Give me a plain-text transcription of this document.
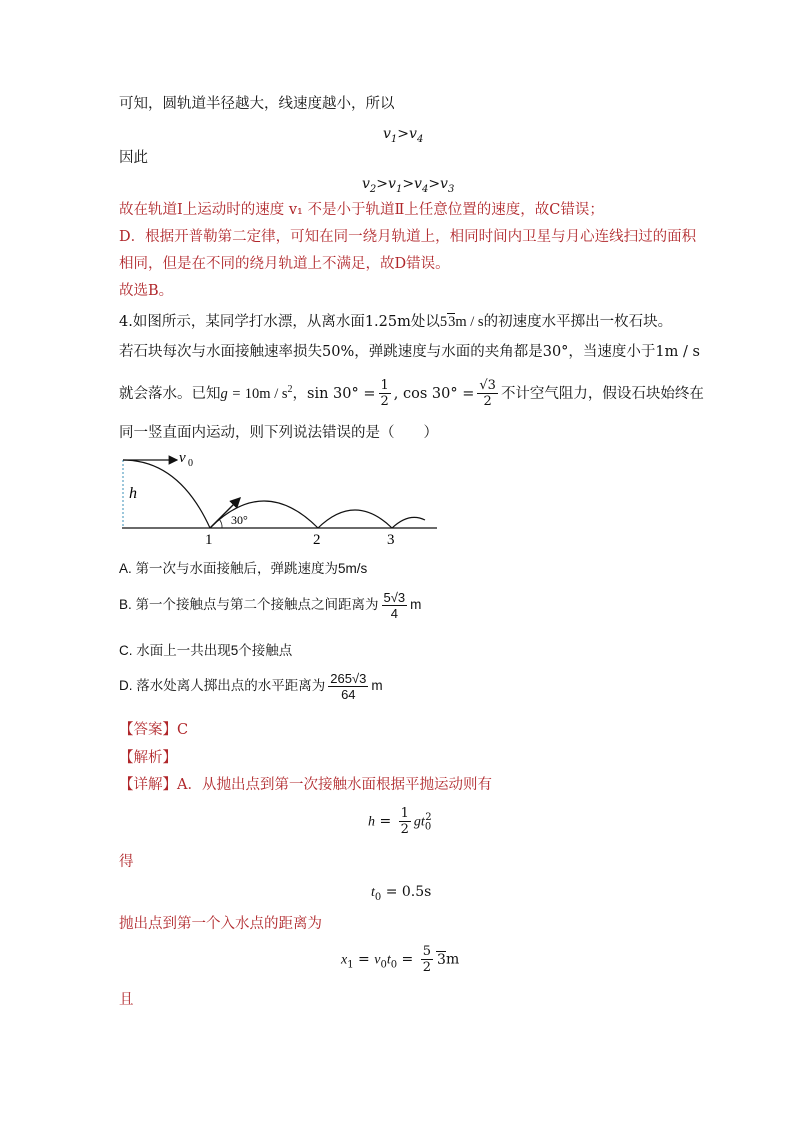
可知，圆轨道半径越大，线速度越小，所以
$v_1>v_4$
因此
$v_2>v_1>v_4>v_3$
故在轨道Ⅰ上运动时的速度 v₁ 不是小于轨道Ⅱ上任意位置的速度，故C错误；
D．根据开普勒第二定律，可知在同一绕月轨道上，相同时间内卫星与月心连线扫过的面积
相同，但是在不同的绕月轨道上不满足，故D错误。
故选B。
4.如图所示，某同学打水漂，从离水面1.25m处以53m / s的初速度水平掷出一枚石块。
若石块每次与水面接触速率损失50%，弹跳速度与水面的夹角都是30°，当速度小于1m / s
就会落水。已知$g = 10m / s^2$，$\sin 30^\circ = \frac{1}{2}$ , $\cos 30^\circ = \frac{√3}{2}$ 不计空气阻力，假设石块始终在
同一竖直面内运动，则下列说法错误的是（　　）
v 0
h
30°
1	2	3
A. 第一次与水面接触后，弹跳速度为5m/s
B. 第一个接触点与第二个接触点之间距离为 $\frac{5√3}{4}$ m
C. 水面上一共出现5个接触点
D. 落水处离人掷出点的水平距离为 $\frac{265√3}{64}$ m
【答案】C
【解析】
【详解】A．从抛出点到第一次接触水面根据平抛运动则有
$h = \frac{1}{2} gt_0^2$
得
$t_0 = 0.5s$
抛出点到第一个入水点的距离为
$x_1 = v_0t_0 = \frac{5}{2} 3m$
且
